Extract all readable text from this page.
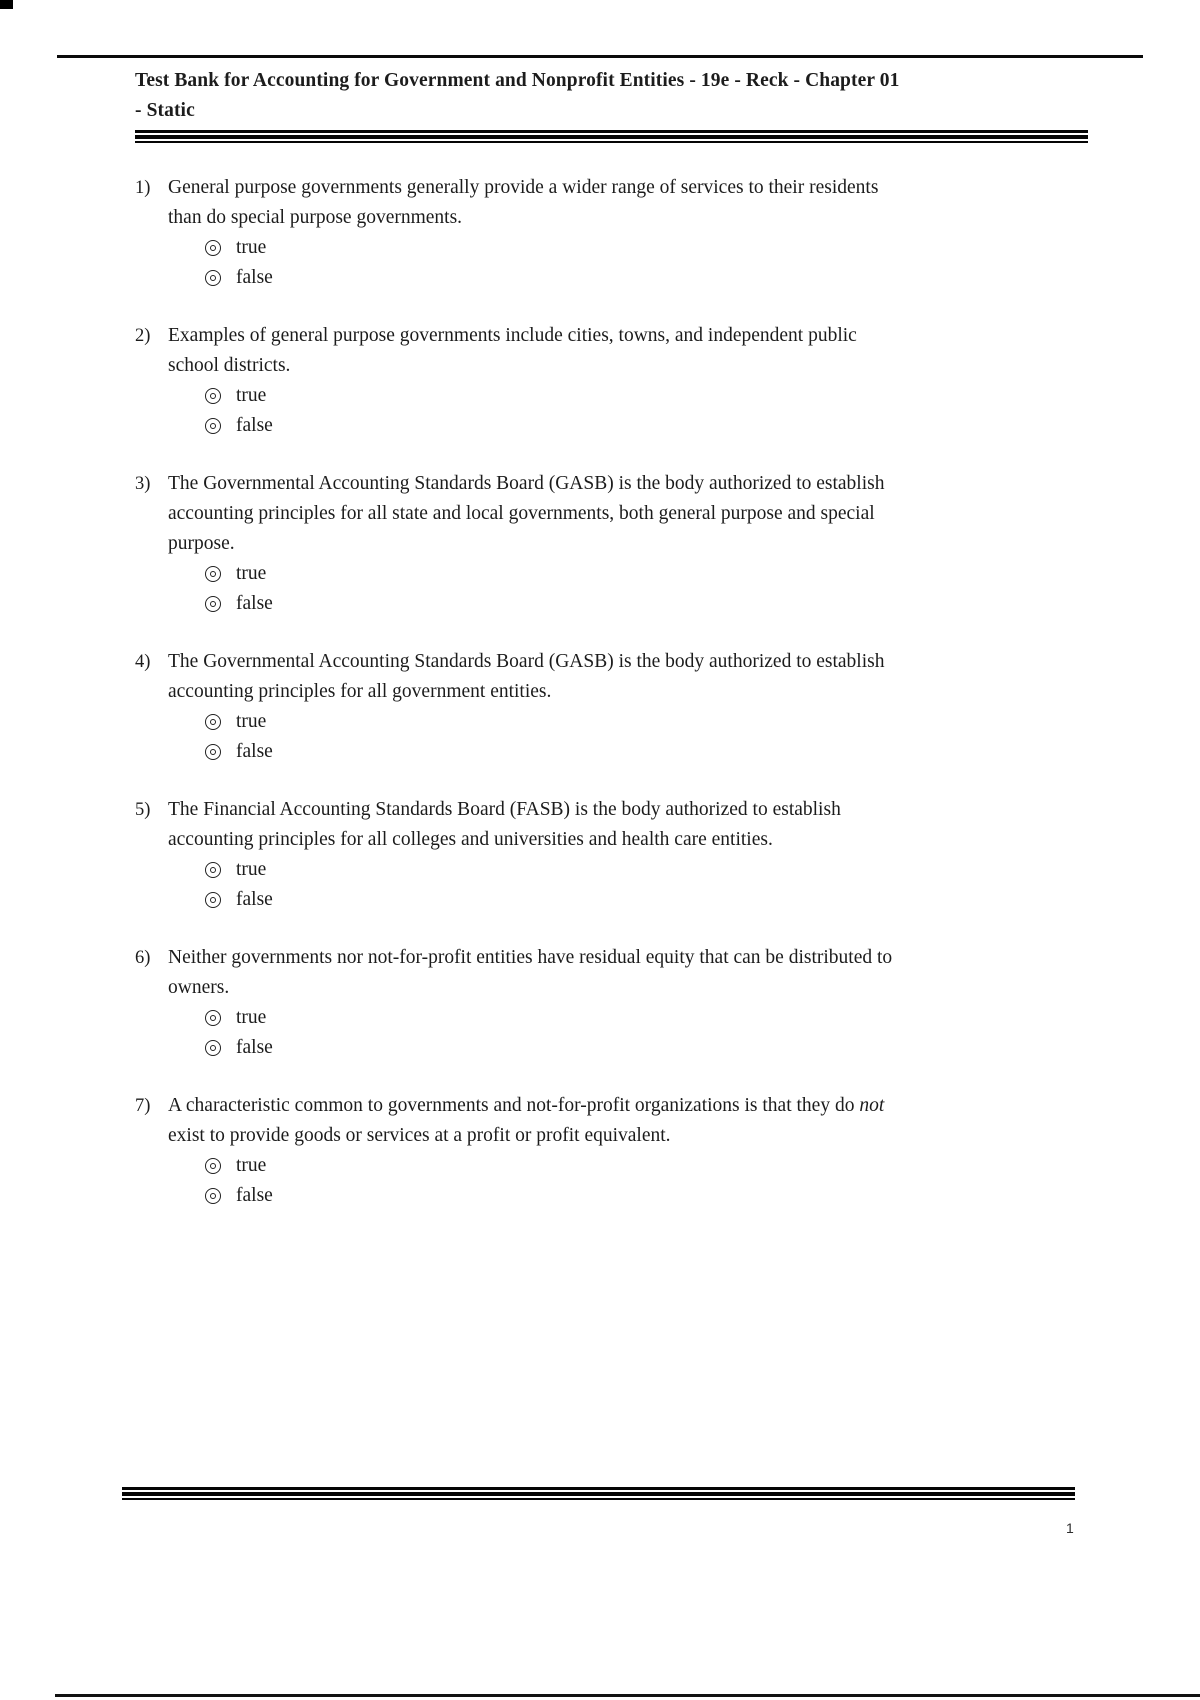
Test Bank for Accounting for Government and Nonprofit Entities - 19e - Reck - Chapter 01
- Static
1) General purpose governments generally provide a wider range of services to their residents
than do special purpose governments.
true
false
2) Examples of general purpose governments include cities, towns, and independent public
school districts.
true
false
3) The Governmental Accounting Standards Board (GASB) is the body authorized to establish
accounting principles for all state and local governments, both general purpose and special
purpose.
true
false
4) The Governmental Accounting Standards Board (GASB) is the body authorized to establish
accounting principles for all government entities.
true
false
5) The Financial Accounting Standards Board (FASB) is the body authorized to establish
accounting principles for all colleges and universities and health care entities.
true
false
6) Neither governments nor not-for-profit entities have residual equity that can be distributed to
owners.
true
false
7) A characteristic common to governments and not-for-profit organizations is that they do not
exist to provide goods or services at a profit or profit equivalent.
true
false
1
